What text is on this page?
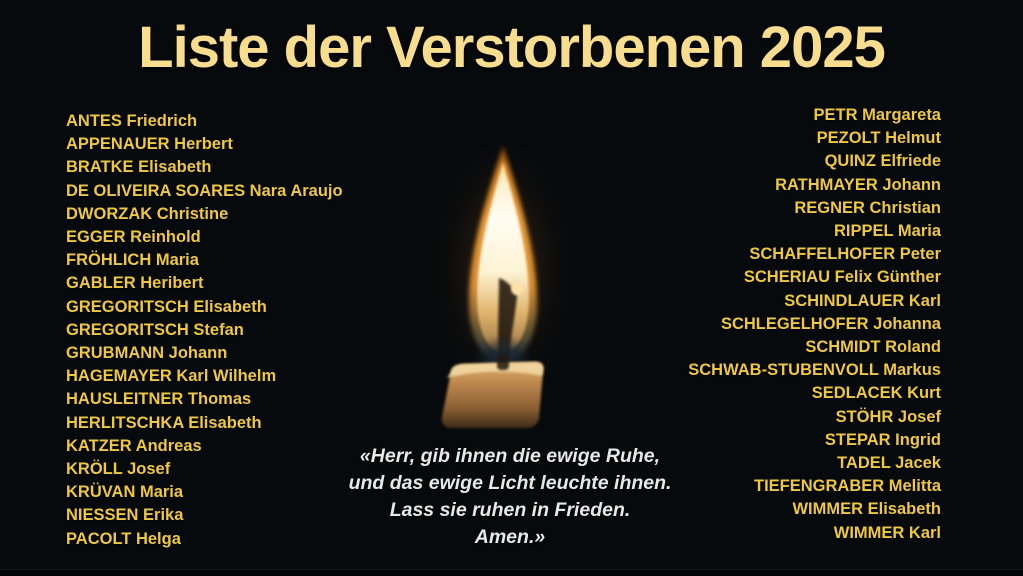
Liste der Verstorbenen 2025
ANTES Friedrich
APPENAUER Herbert
BRATKE Elisabeth
DE OLIVEIRA SOARES Nara Araujo
DWORZAK Christine
EGGER Reinhold
FRÖHLICH Maria
GABLER Heribert
GREGORITSCH Elisabeth
GREGORITSCH Stefan
GRUBMANN Johann
HAGEMAYER Karl Wilhelm
HAUSLEITNER Thomas
HERLITSCHKA Elisabeth
KATZER Andreas
KRÖLL Josef
KRÜVAN Maria
NIESSEN Erika
PACOLT Helga
PETR Margareta
PEZOLT Helmut
QUINZ Elfriede
RATHMAYER Johann
REGNER Christian
RIPPEL Maria
SCHAFFELHOFER Peter
SCHERIAU Felix Günther
SCHINDLAUER Karl
SCHLEGELHOFER Johanna
SCHMIDT Roland
SCHWAB-STUBENVOLL Markus
SEDLACEK Kurt
STÖHR Josef
STEPAR Ingrid
TADEL Jacek
TIEFENGRABER Melitta
WIMMER Elisabeth
WIMMER Karl
«Herr, gib ihnen die ewige Ruhe,
und das ewige Licht leuchte ihnen.
Lass sie ruhen in Frieden.
Amen.»
